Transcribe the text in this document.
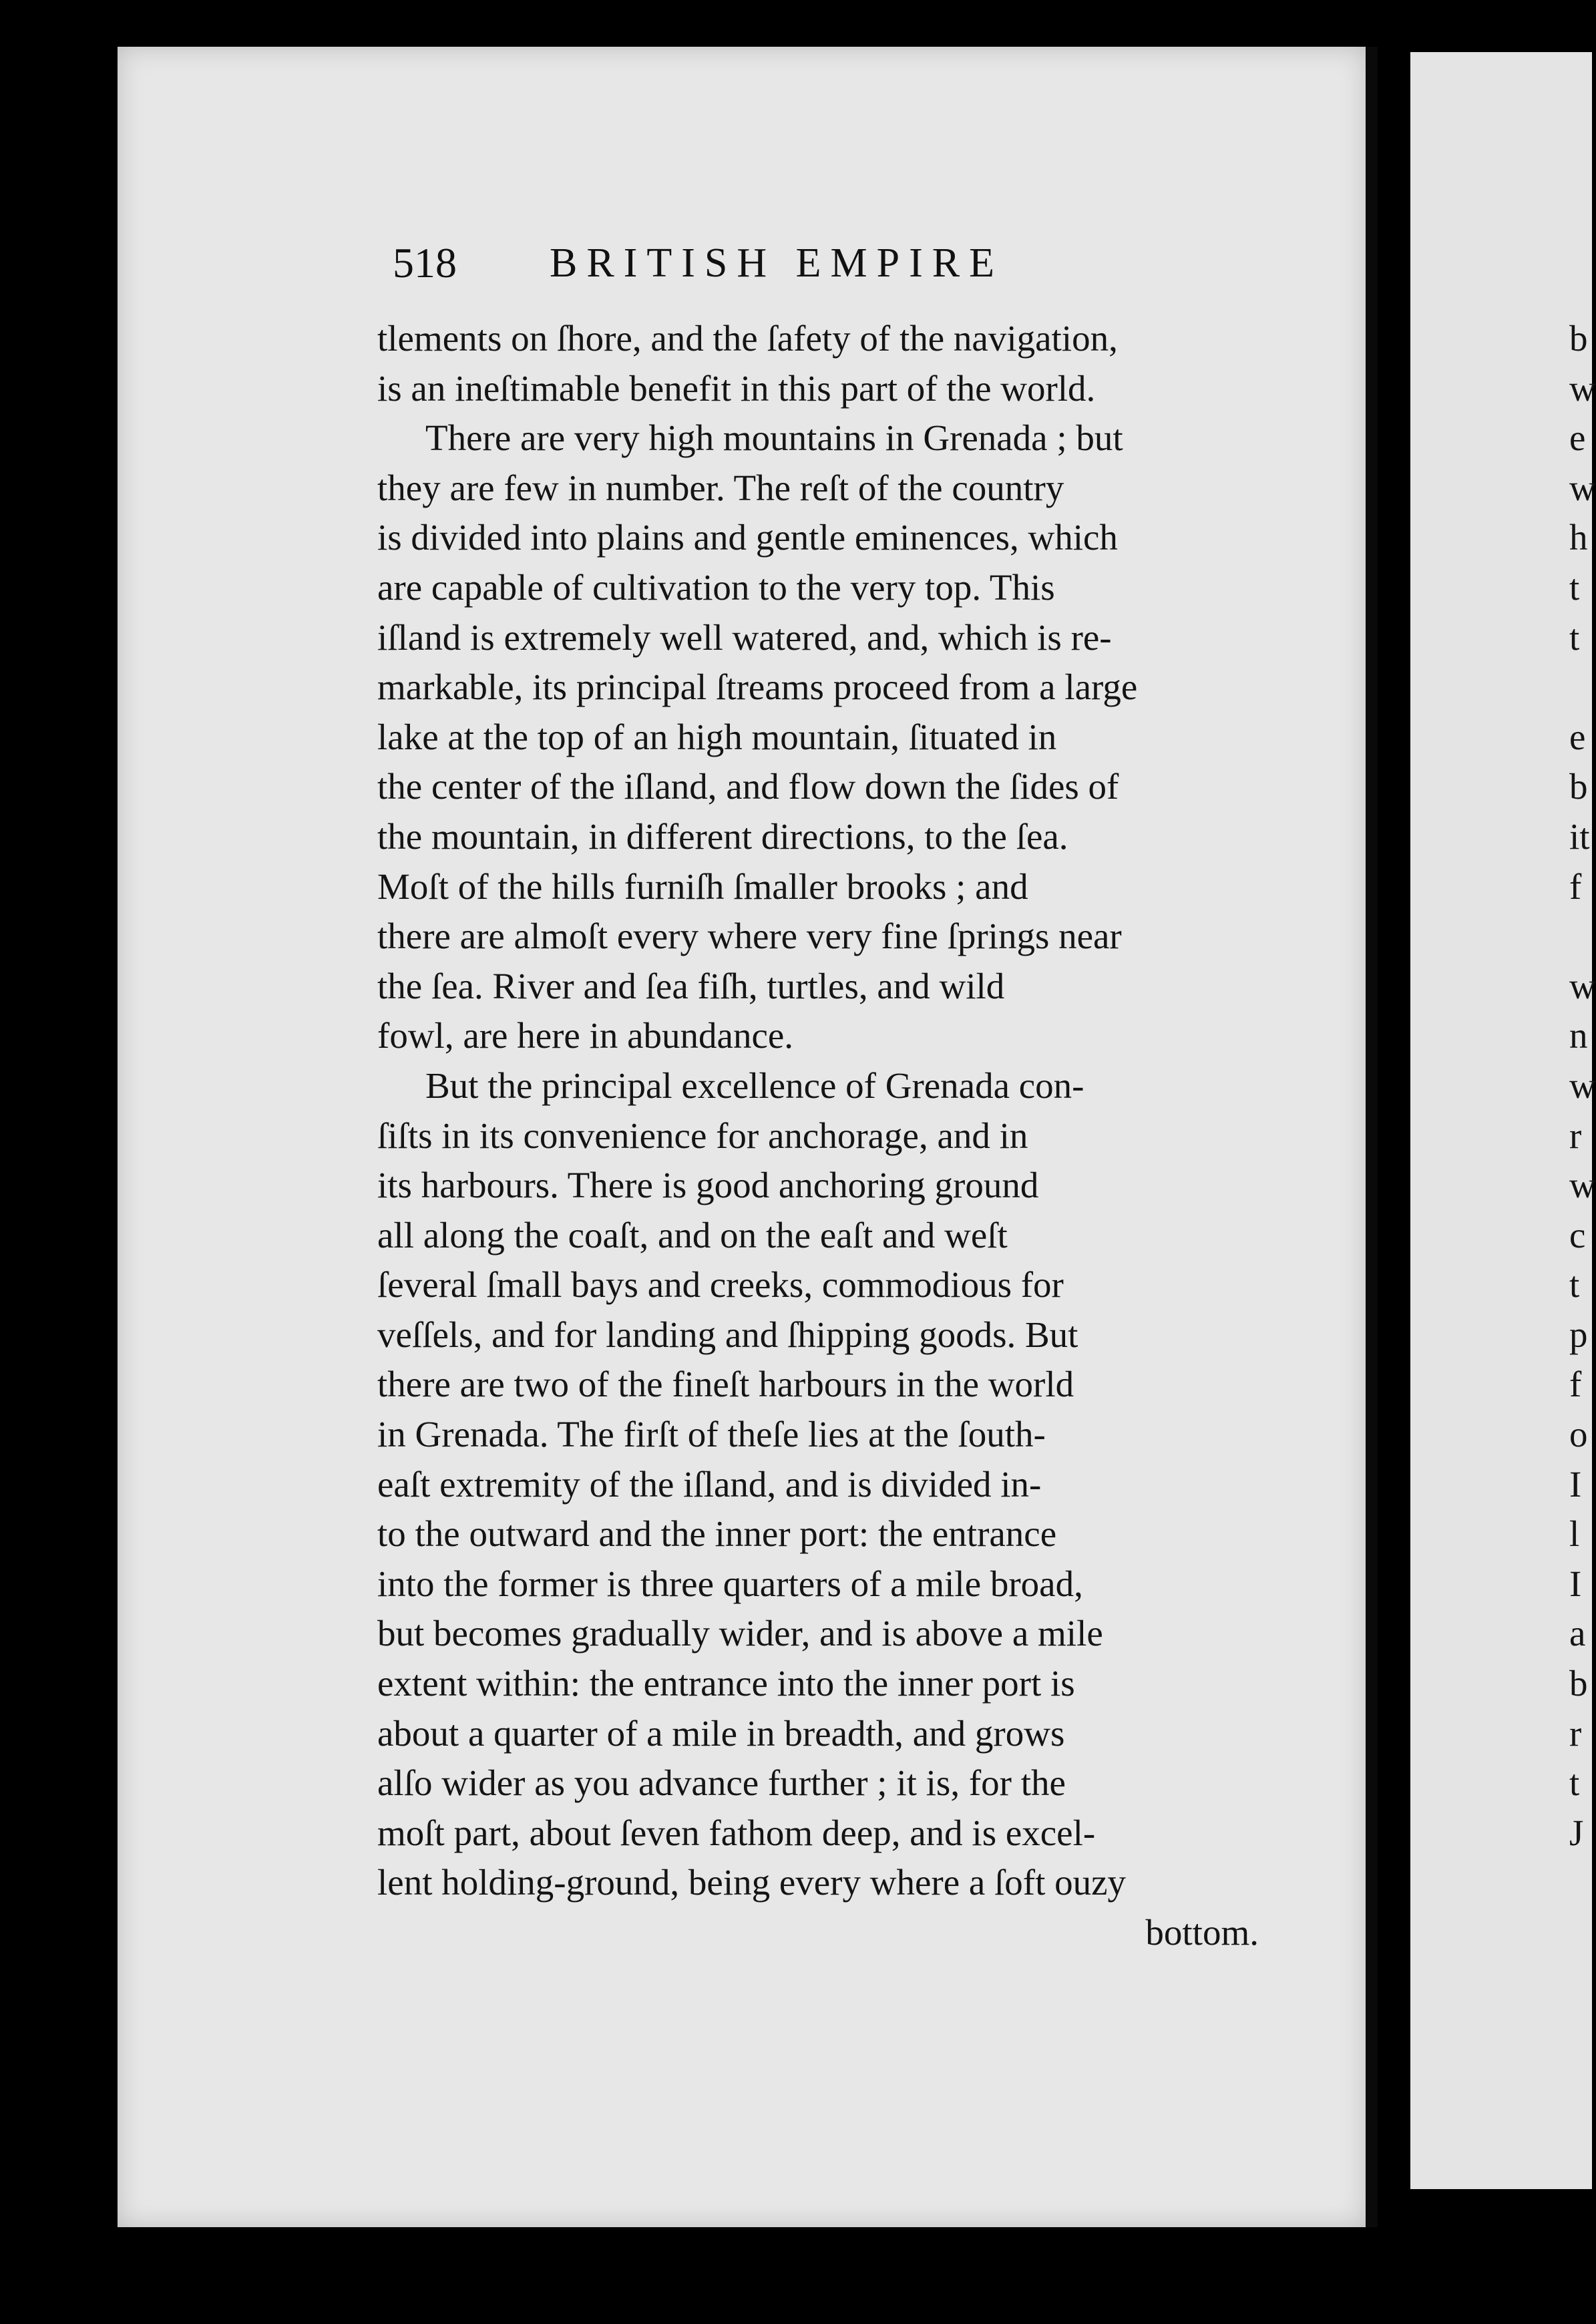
518 BRITISH EMPIRE
tlements on ſhore, and the ſafety of the navigation,
is an ineſtimable benefit in this part of the world.
There are very high mountains in Grenada ; but
they are few in number. The reſt of the country
is divided into plains and gentle eminences, which
are capable of cultivation to the very top. This
iſland is extremely well watered, and, which is re-
markable, its principal ſtreams proceed from a large
lake at the top of an high mountain, ſituated in
the center of the iſland, and flow down the ſides of
the mountain, in different directions, to the ſea.
Moſt of the hills furniſh ſmaller brooks ; and
there are almoſt every where very fine ſprings near
the ſea. River and ſea fiſh, turtles, and wild
fowl, are here in abundance.
But the principal excellence of Grenada con-
ſiſts in its convenience for anchorage, and in
its harbours. There is good anchoring ground
all along the coaſt, and on the eaſt and weſt
ſeveral ſmall bays and creeks, commodious for
veſſels, and for landing and ſhipping goods. But
there are two of the fineſt harbours in the world
in Grenada. The firſt of theſe lies at the ſouth-
eaſt extremity of the iſland, and is divided in-
to the outward and the inner port: the entrance
into the former is three quarters of a mile broad,
but becomes gradually wider, and is above a mile
extent within: the entrance into the inner port is
about a quarter of a mile in breadth, and grows
alſo wider as you advance further ; it is, for the
moſt part, about ſeven fathom deep, and is excel-
lent holding-ground, being every where a ſoft ouzy
bottom.
b
w
e
w
h
t
t
e
b
it
f
w
n
w
r
w
c
t
p
f
o
I
l
I
a
b
r
t
J
